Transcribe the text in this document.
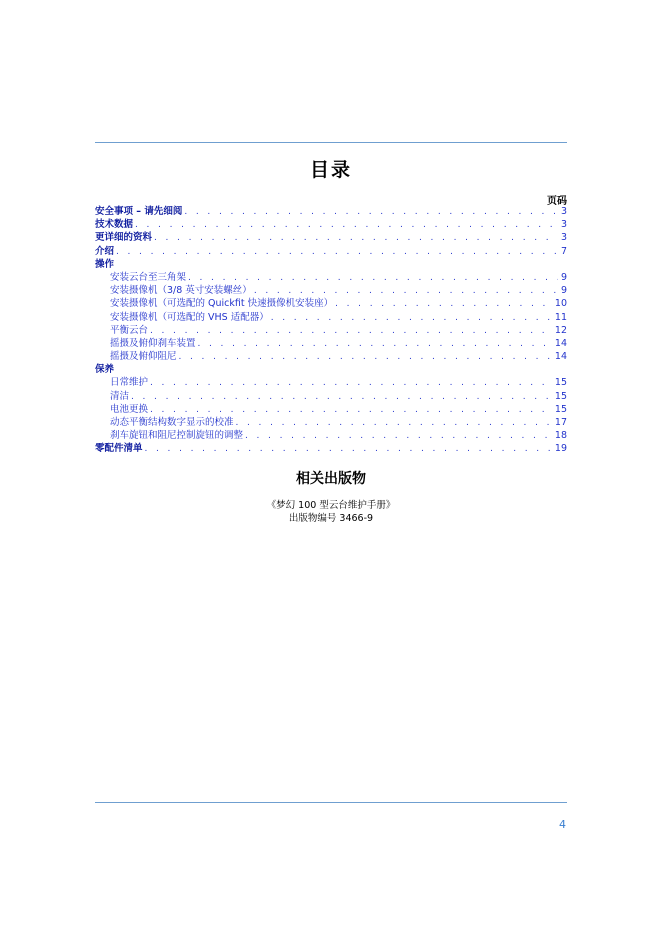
目录
页码
安全事项 – 请先细阅 . . .	3
技术数据 . . .	3
更详细的资料 . . .	3
介绍 . . .	7
操作
安装云台至三角架 . . .	9
安装摄像机（3/8 英寸安装螺丝） . . .	9
安装摄像机（可选配的 Quickfit 快速摄像机安装座） . . .	10
安装摄像机（可选配的 VHS 适配器） . . .	11
平衡云台 . . .	12
摇摄及俯仰刹车装置 . . .	14
摇摄及俯仰阻尼 . . .	14
保养
日常维护 . . .	15
清洁 . . .	15
电池更换 . . .	15
动态平衡结构数字显示的校准 . . .	17
刹车旋钮和阻尼控制旋钮的调整 . . .	18
零配件清单 . . .	19
相关出版物
《梦幻 100 型云台维护手册》
出版物编号 3466-9
4
